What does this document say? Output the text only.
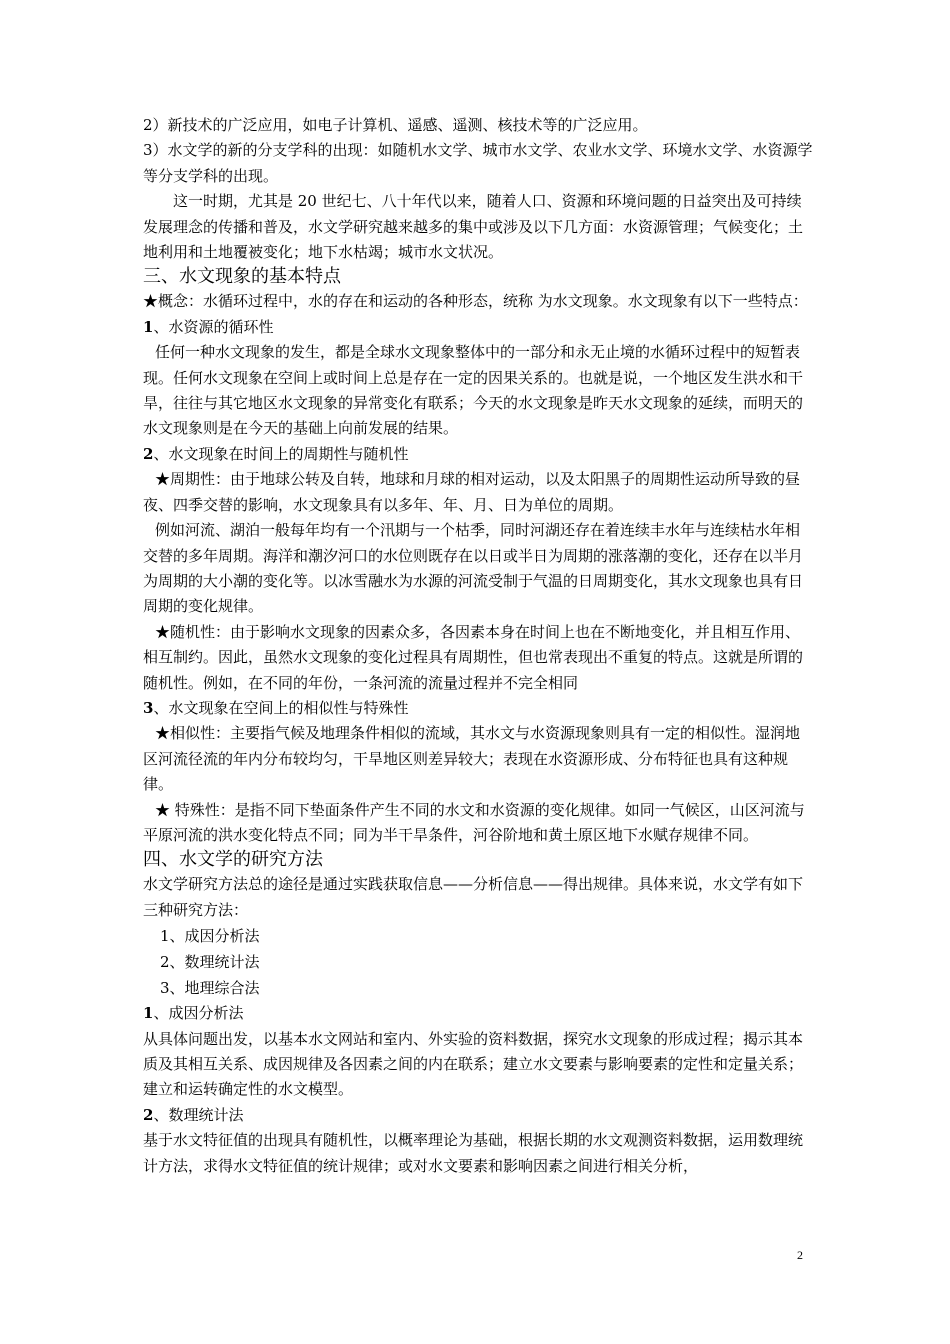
2）新技术的广泛应用，如电子计算机、遥感、遥测、核技术等的广泛应用。

3）水文学的新的分支学科的出现：如随机水文学、城市水文学、农业水文学、环境水文学、水资源学等分支学科的出现。

这一时期，尤其是 20 世纪七、八十年代以来，随着人口、资源和环境问题的日益突出及可持续发展理念的传播和普及，水文学研究越来越多的集中或涉及以下几方面：水资源管理；气候变化；土地利用和土地覆被变化；地下水枯竭；城市水文状况。

三、水文现象的基本特点

★概念：水循环过程中，水的存在和运动的各种形态，统称 为水文现象。水文现象有以下一些特点：

1、水资源的循环性

任何一种水文现象的发生，都是全球水文现象整体中的一部分和永无止境的水循环过程中的短暂表现。任何水文现象在空间上或时间上总是存在一定的因果关系的。也就是说，一个地区发生洪水和干旱，往往与其它地区水文现象的异常变化有联系；今天的水文现象是昨天水文现象的延续，而明天的水文现象则是在今天的基础上向前发展的结果。

2、水文现象在时间上的周期性与随机性

★周期性：由于地球公转及自转，地球和月球的相对运动，以及太阳黑子的周期性运动所导致的昼夜、四季交替的影响，水文现象具有以多年、年、月、日为单位的周期。

例如河流、湖泊一般每年均有一个汛期与一个枯季，同时河湖还存在着连续丰水年与连续枯水年相交替的多年周期。海洋和潮汐河口的水位则既存在以日或半日为周期的涨落潮的变化，还存在以半月为周期的大小潮的变化等。以冰雪融水为水源的河流受制于气温的日周期变化，其水文现象也具有日周期的变化规律。

★随机性：由于影响水文现象的因素众多，各因素本身在时间上也在不断地变化，并且相互作用、相互制约。因此，虽然水文现象的变化过程具有周期性，但也常表现出不重复的特点。这就是所谓的随机性。例如，在不同的年份，一条河流的流量过程并不完全相同

3、水文现象在空间上的相似性与特殊性

★相似性：主要指气候及地理条件相似的流域，其水文与水资源现象则具有一定的相似性。湿润地区河流径流的年内分布较均匀，干旱地区则差异较大；表现在水资源形成、分布特征也具有这种规律。

★ 特殊性：是指不同下垫面条件产生不同的水文和水资源的变化规律。如同一气候区，山区河流与平原河流的洪水变化特点不同；同为半干旱条件，河谷阶地和黄土原区地下水赋存规律不同。

四、水文学的研究方法

水文学研究方法总的途径是通过实践获取信息——分析信息——得出规律。具体来说，水文学有如下三种研究方法：

1、成因分析法
2、数理统计法
3、地理综合法

1、成因分析法

从具体问题出发，以基本水文网站和室内、外实验的资料数据，探究水文现象的形成过程；揭示其本质及其相互关系、成因规律及各因素之间的内在联系；建立水文要素与影响要素的定性和定量关系；建立和运转确定性的水文模型。

2、数理统计法

基于水文特征值的出现具有随机性，以概率理论为基础，根据长期的水文观测资料数据，运用数理统计方法，求得水文特征值的统计规律；或对水文要素和影响因素之间进行相关分析，

2
